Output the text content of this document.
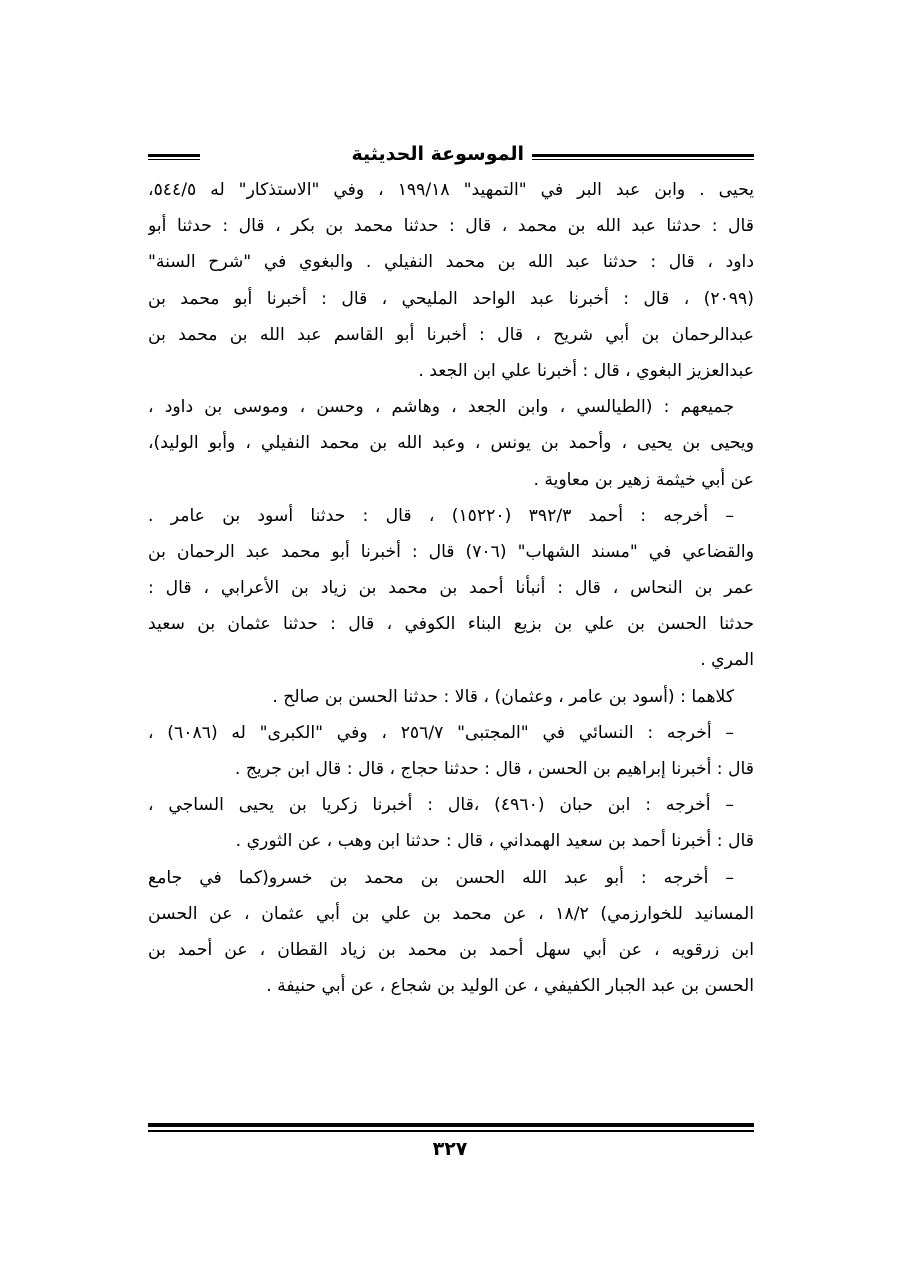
الموسوعة الحديثية
يحيى . وابن عبد البر في "التمهيد" ١٩٩/١٨ ، وفي "الاستذكار" له ٥٤٤/٥،
قال : حدثنا عبد الله بن محمد ، قال : حدثنا محمد بن بكر ، قال : حدثنا أبو
داود ، قال : حدثنا عبد الله بن محمد النفيلي . والبغوي في "شرح السنة"
(٢٠٩٩) ، قال : أخبرنا عبد الواحد المليحي ، قال : أخبرنا أبو محمد بن
عبدالرحمان بن أبي شريح ، قال : أخبرنا أبو القاسم عبد الله بن محمد بن
عبدالعزيز البغوي ، قال : أخبرنا علي ابن الجعد .
جميعهم : (الطيالسي ، وابن الجعد ، وهاشم ، وحسن ، وموسى بن داود ،
ويحيى بن يحيى ، وأحمد بن يونس ، وعبد الله بن محمد النفيلي ، وأبو الوليد)،
عن أبي خيثمة زهير بن معاوية .
– أخرجه : أحمد ٣٩٢/٣ (١٥٢٢٠) ، قال : حدثنا أسود بن عامر .
والقضاعي في "مسند الشهاب" (٧٠٦) قال : أخبرنا أبو محمد عبد الرحمان بن
عمر بن النحاس ، قال : أنبأنا أحمد بن محمد بن زياد بن الأعرابي ، قال :
حدثنا الحسن بن علي بن بزيع البناء الكوفي ، قال : حدثنا عثمان بن سعيد
المري .
كلاهما : (أسود بن عامر ، وعثمان) ، قالا : حدثنا الحسن بن صالح .
– أخرجه : النسائي في "المجتبى" ٢٥٦/٧ ، وفي "الكبرى" له (٦٠٨٦) ،
قال : أخبرنا إبراهيم بن الحسن ، قال : حدثنا حجاج ، قال : قال ابن جريج .
– أخرجه : ابن حبان (٤٩٦٠) ،قال : أخبرنا زكريا بن يحيى الساجي ،
قال : أخبرنا أحمد بن سعيد الهمداني ، قال : حدثنا ابن وهب ، عن الثوري .
– أخرجه : أبو عبد الله الحسن بن محمد بن خسرو(كما في جامع
المسانيد للخوارزمي) ١٨/٢ ، عن محمد بن علي بن أبي عثمان ، عن الحسن
ابن زرقويه ، عن أبي سهل أحمد بن محمد بن زياد القطان ، عن أحمد بن
الحسن بن عبد الجبار الكفيفي ، عن الوليد بن شجاع ، عن أبي حنيفة .
٣٢٧
